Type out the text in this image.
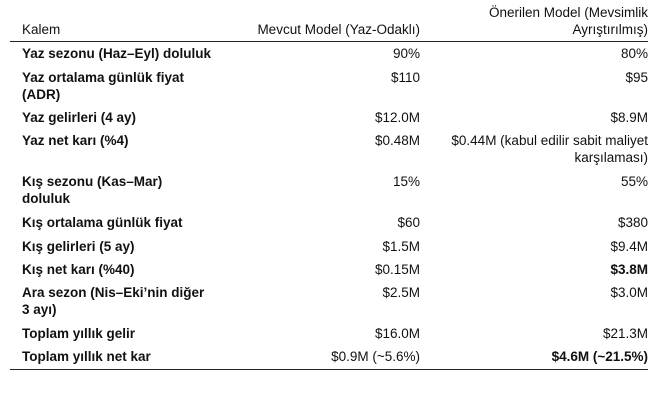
Kalem	Mevcut Model (Yaz-Odaklı)	Önerilen Model (Mevsimlik Ayrıştırılmış)
Yaz sezonu (Haz–Eyl) doluluk	90%	80%
Yaz ortalama günlük fiyat (ADR)	$110	$95
Yaz gelirleri (4 ay)	$12.0M	$8.9M
Yaz net karı (%4)	$0.48M	$0.44M (kabul edilir sabit maliyet karşılaması)
Kış sezonu (Kas–Mar) doluluk	15%	55%
Kış ortalama günlük fiyat	$60	$380
Kış gelirleri (5 ay)	$1.5M	$9.4M
Kış net karı (%40)	$0.15M	$3.8M
Ara sezon (Nis–Eki’nin diğer 3 ayı)	$2.5M	$3.0M
Toplam yıllık gelir	$16.0M	$21.3M
Toplam yıllık net kar	$0.9M (~5.6%)	$4.6M (~21.5%)
